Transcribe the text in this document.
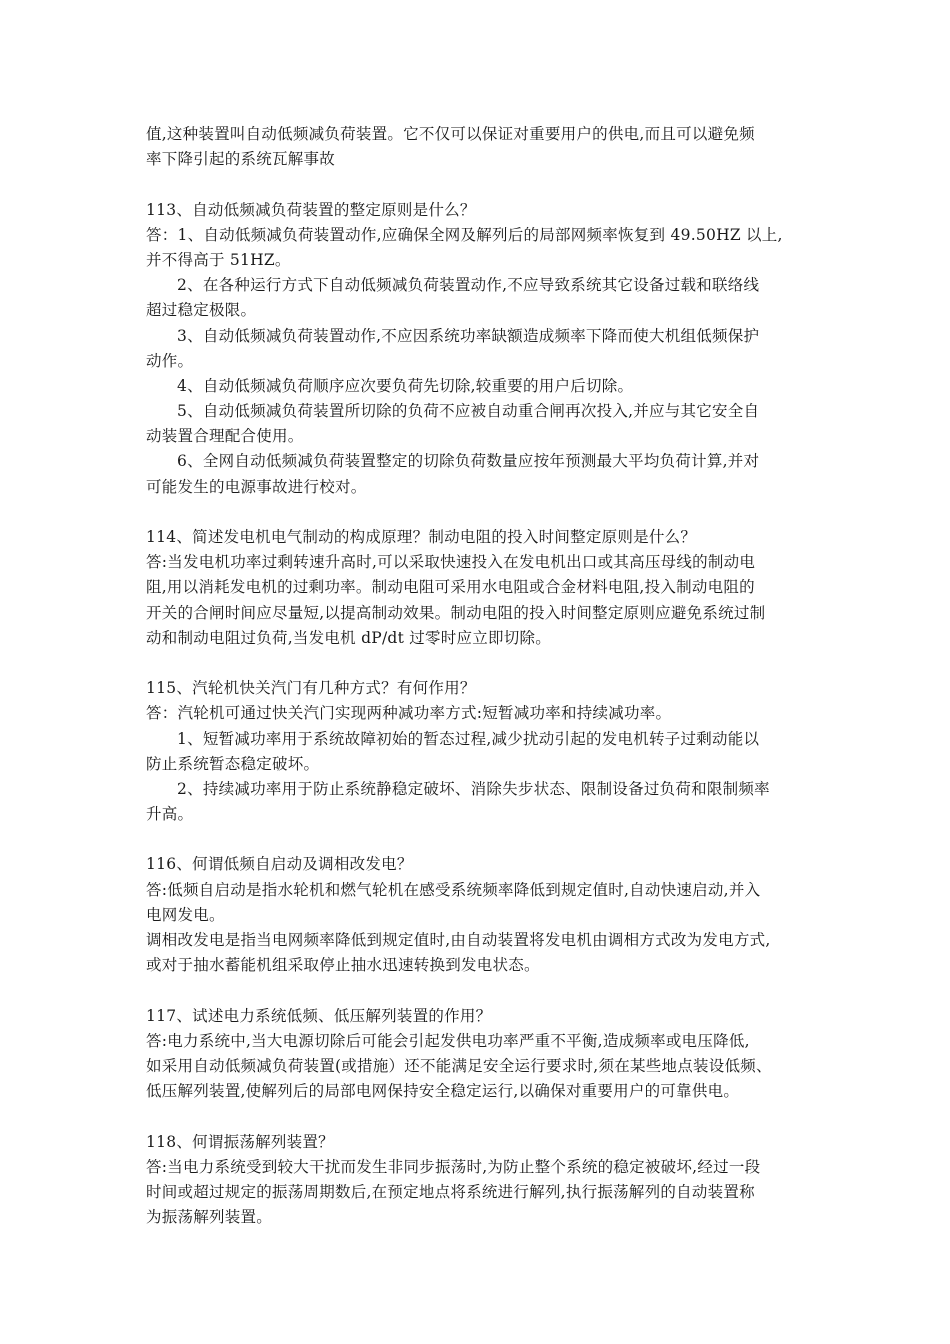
值,这种装置叫自动低频减负荷装置。它不仅可以保证对重要用户的供电,而且可以避免频
率下降引起的系统瓦解事故
113、自动低频减负荷装置的整定原则是什么？
答：1、自动低频减负荷装置动作,应确保全网及解列后的局部网频率恢复到 49.50HZ 以上,
并不得高于 51HZ。
2、在各种运行方式下自动低频减负荷装置动作,不应导致系统其它设备过载和联络线
超过稳定极限。
3、自动低频减负荷装置动作,不应因系统功率缺额造成频率下降而使大机组低频保护
动作。
4、自动低频减负荷顺序应次要负荷先切除,较重要的用户后切除。
5、自动低频减负荷装置所切除的负荷不应被自动重合闸再次投入,并应与其它安全自
动装置合理配合使用。
6、全网自动低频减负荷装置整定的切除负荷数量应按年预测最大平均负荷计算,并对
可能发生的电源事故进行校对。
114、简述发电机电气制动的构成原理？制动电阻的投入时间整定原则是什么？
答:当发电机功率过剩转速升高时,可以采取快速投入在发电机出口或其高压母线的制动电
阻,用以消耗发电机的过剩功率。制动电阻可采用水电阻或合金材料电阻,投入制动电阻的
开关的合闸时间应尽量短,以提高制动效果。制动电阻的投入时间整定原则应避免系统过制
动和制动电阻过负荷,当发电机 dP/dt 过零时应立即切除。
115、汽轮机快关汽门有几种方式？有何作用？
答：汽轮机可通过快关汽门实现两种减功率方式:短暂减功率和持续减功率。
1、短暂减功率用于系统故障初始的暂态过程,减少扰动引起的发电机转子过剩动能以
防止系统暂态稳定破坏。
2、持续减功率用于防止系统静稳定破坏、消除失步状态、限制设备过负荷和限制频率
升高。
116、何谓低频自启动及调相改发电？
答:低频自启动是指水轮机和燃气轮机在感受系统频率降低到规定值时,自动快速启动,并入
电网发电。
调相改发电是指当电网频率降低到规定值时,由自动装置将发电机由调相方式改为发电方式,
或对于抽水蓄能机组采取停止抽水迅速转换到发电状态。
117、试述电力系统低频、低压解列装置的作用？
答:电力系统中,当大电源切除后可能会引起发供电功率严重不平衡,造成频率或电压降低,
如采用自动低频减负荷装置(或措施）还不能满足安全运行要求时,须在某些地点装设低频、
低压解列装置,使解列后的局部电网保持安全稳定运行,以确保对重要用户的可靠供电。
118、何谓振荡解列装置？
答:当电力系统受到较大干扰而发生非同步振荡时,为防止整个系统的稳定被破坏,经过一段
时间或超过规定的振荡周期数后,在预定地点将系统进行解列,执行振荡解列的自动装置称
为振荡解列装置。
